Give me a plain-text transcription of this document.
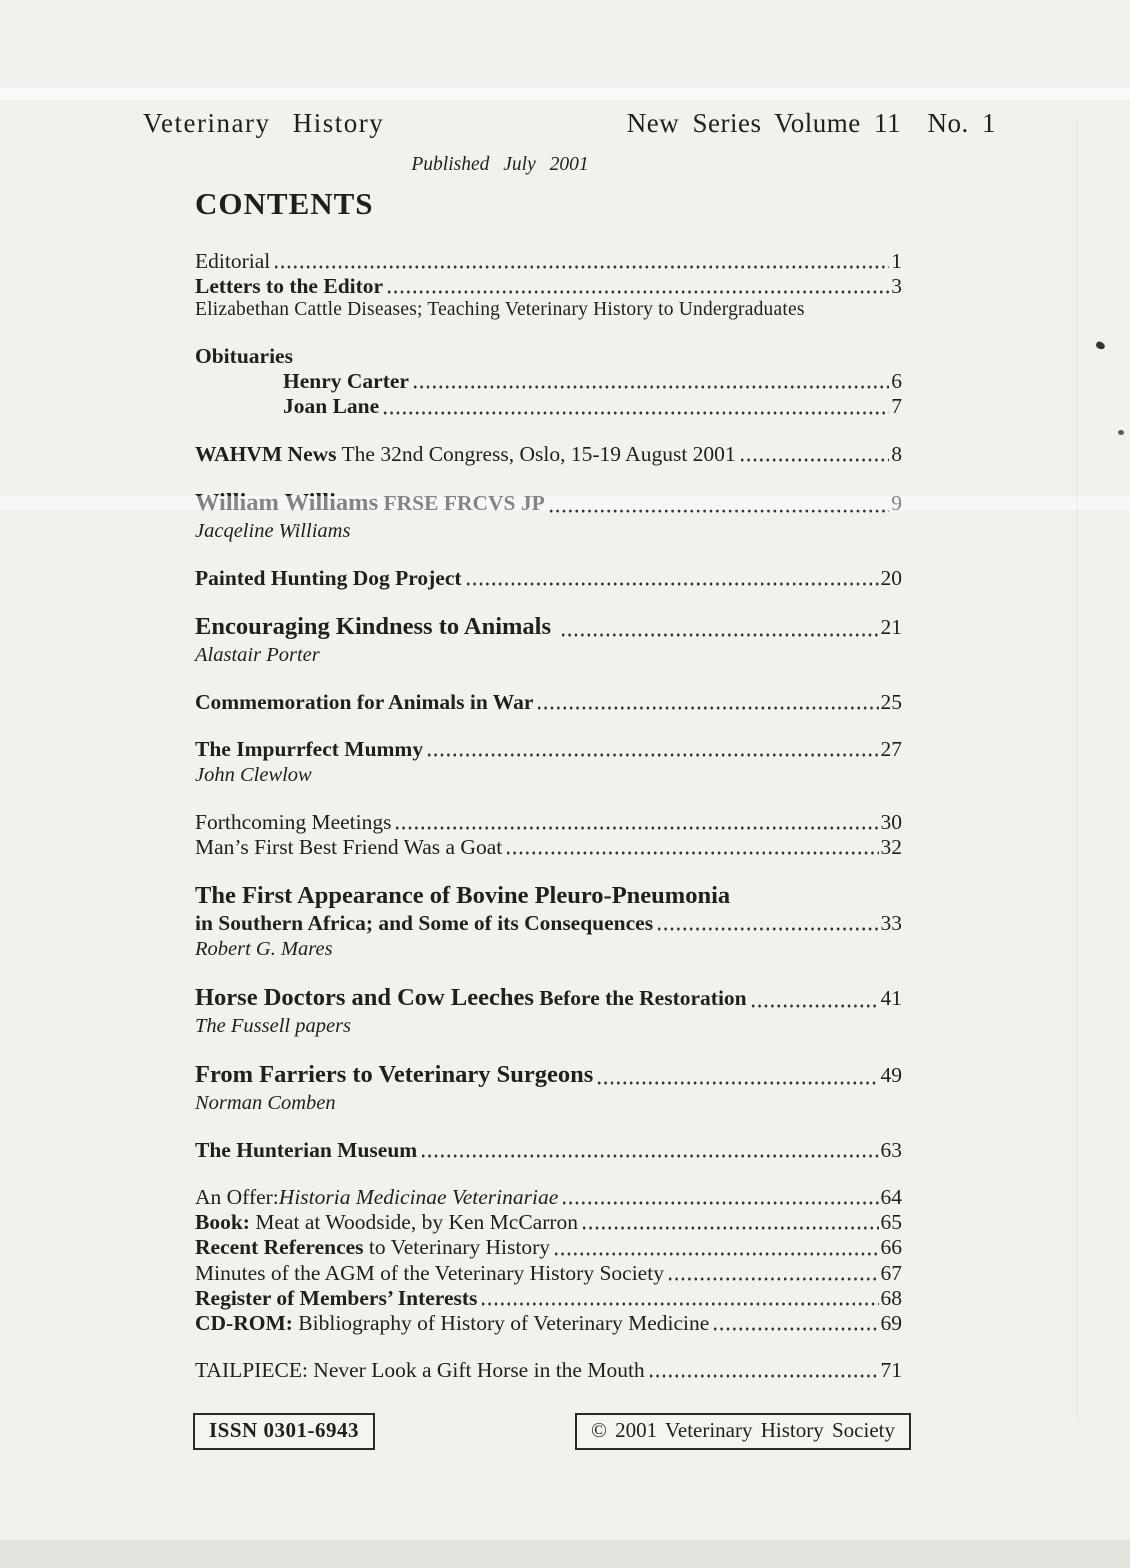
Veterinary History	New Series Volume 11  No. 1
Published July 2001
CONTENTS
Editorial	1
Letters to the Editor	3
Elizabethan Cattle Diseases; Teaching Veterinary History to Undergraduates
Obituaries
Henry Carter	6
Joan Lane	7
WAHVM News The 32nd Congress, Oslo, 15-19 August 2001	8
William Williams FRSE FRCVS JP	9
Jacqeline Williams
Painted Hunting Dog Project	20
Encouraging Kindness to Animals	21
Alastair Porter
Commemoration for Animals in War	25
The Impurrfect Mummy	27
John Clewlow
Forthcoming Meetings	30
Man’s First Best Friend Was a Goat	32
The First Appearance of Bovine Pleuro-Pneumonia
in Southern Africa; and Some of its Consequences	33
Robert G. Mares
Horse Doctors and Cow Leeches Before the Restoration	41
The Fussell papers
From Farriers to Veterinary Surgeons	49
Norman Comben
The Hunterian Museum	63
An Offer:Historia Medicinae Veterinariae	64
Book: Meat at Woodside, by Ken McCarron	65
Recent References to Veterinary History	66
Minutes of the AGM of the Veterinary History Society	67
Register of Members’ Interests	68
CD-ROM: Bibliography of History of Veterinary Medicine	69
TAILPIECE: Never Look a Gift Horse in the Mouth	71
ISSN 0301-6943	© 2001 Veterinary History Society
